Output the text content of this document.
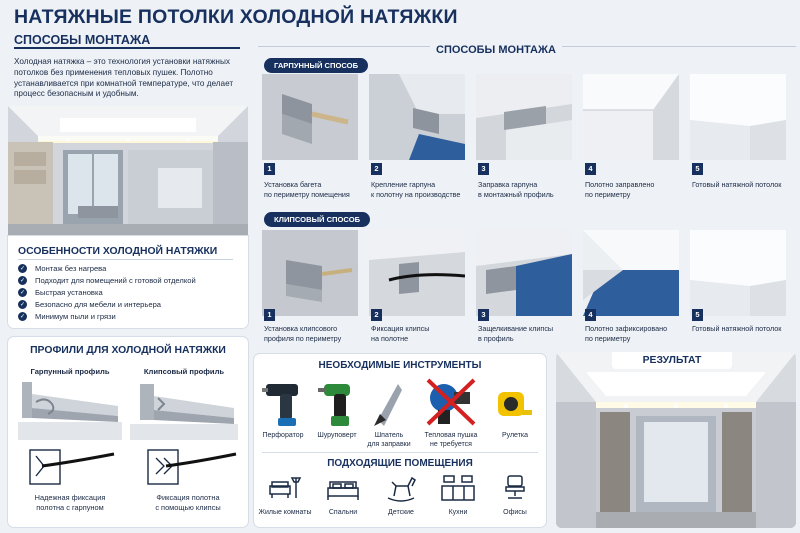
НАТЯЖНЫЕ ПОТОЛКИ ХОЛОДНОЙ НАТЯЖКИ
СПОСОБЫ МОНТАЖА
Холодная натяжка – это технология установки натяжных потолков без применения тепловых пушек. Полотно устанавливается при комнатной температуре, что делает процесс безопасным и удобным.
ОСОБЕННОСТИ ХОЛОДНОЙ НАТЯЖКИ
✓ Монтаж без нагрева
✓ Подходит для помещений с готовой отделкой
✓ Быстрая установка
✓ Безопасно для мебели и интерьера
✓ Минимум пыли и грязи
ПРОФИЛИ ДЛЯ ХОЛОДНОЙ НАТЯЖКИ
Гарпунный профиль	Клипсовый профиль
Надежная фиксация
полотна с гарпуном
Фиксация полотна
с помощью клипсы
СПОСОБЫ МОНТАЖА
ГАРПУННЫЙ СПОСОБ
КЛИПСОВЫЙ СПОСОБ
1	2	3	4	5
Установка багета
по периметру помещения
Крепление гарпуна
к полотну на производстве
Заправка гарпуна
в монтажный профиль
Полотно заправлено
по периметру
Готовый натяжной потолок
1	2	3	4	5
Установка клипсового
профиля по периметру
Фиксация клипсы
на полотне
Защелкивание клипсы
в профиль
Полотно зафиксировано
по периметру
Готовый натяжной потолок
НЕОБХОДИМЫЕ ИНСТРУМЕНТЫ
Перфоратор	Шуруповерт	Шпатель
для заправки
Тепловая пушка
не требуется
Рулетка
ПОДХОДЯЩИЕ ПОМЕЩЕНИЯ
Жилые комнаты	Спальни	Детские	Кухни	Офисы
РЕЗУЛЬТАТ
